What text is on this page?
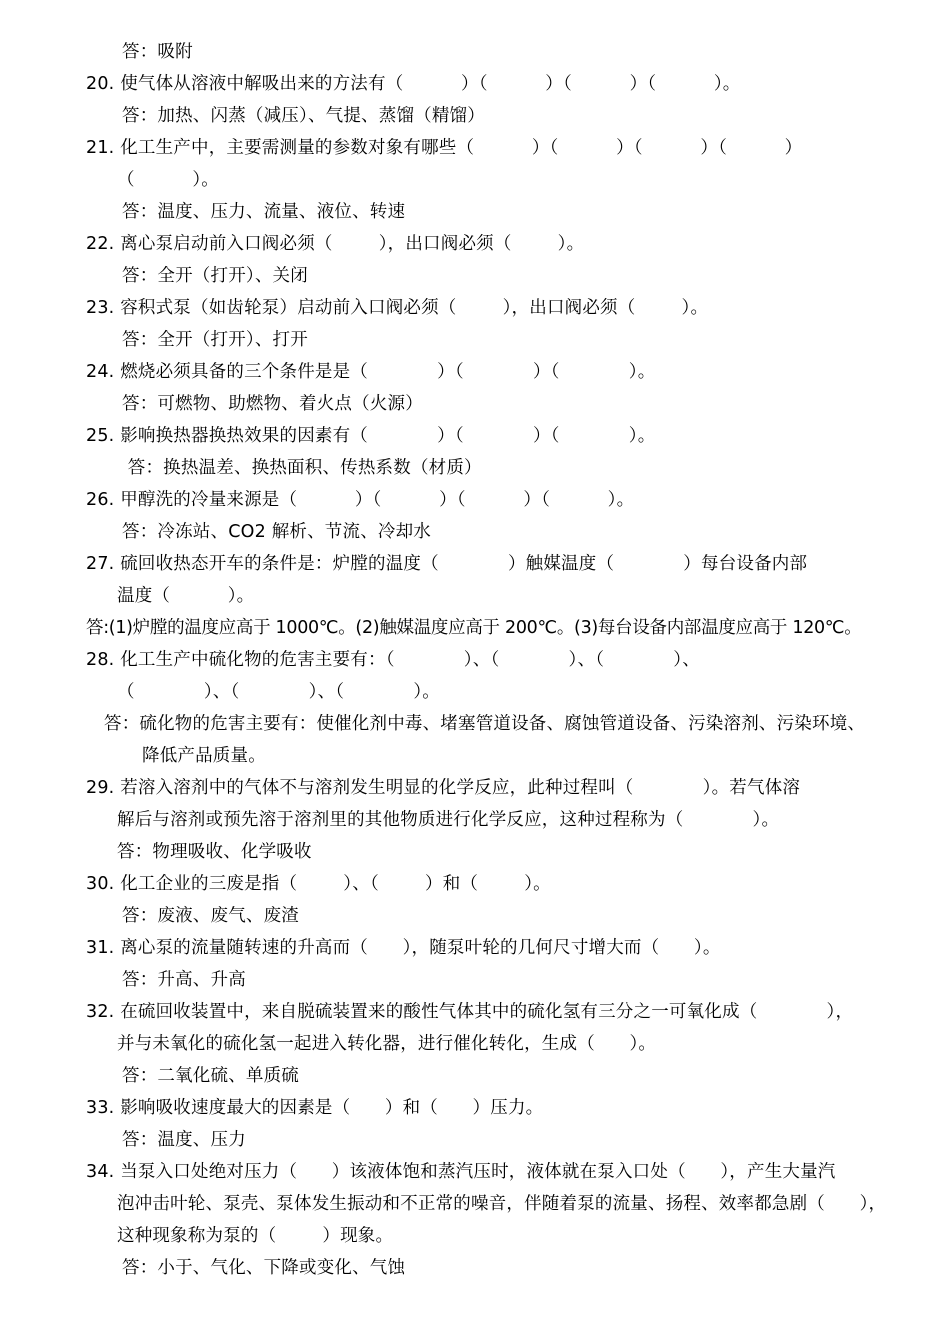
答：吸附
20. 使气体从溶液中解吸出来的方法有（          ）（          ）（          ）（          ）。
答：加热、闪蒸（减压）、气提、蒸馏（精馏）
21. 化工生产中，主要需测量的参数对象有哪些（          ）（          ）（          ）（          ）
（          ）。
答：温度、压力、流量、液位、转速
22. 离心泵启动前入口阀必须（        ），出口阀必须（        ）。
答：全开（打开）、关闭
23. 容积式泵（如齿轮泵）启动前入口阀必须（        ），出口阀必须（        ）。
答：全开（打开）、打开
24. 燃烧必须具备的三个条件是是（            ）（            ）（            ）。
答：可燃物、助燃物、着火点（火源）
25. 影响换热器换热效果的因素有（            ）（            ）（            ）。
答：换热温差、换热面积、传热系数（材质）
26. 甲醇洗的冷量来源是（          ）（          ）（          ）（          ）。
答：冷冻站、CO2 解析、节流、冷却水
27. 硫回收热态开车的条件是：炉膛的温度（            ）触媒温度（            ）每台设备内部
温度（          ）。
答:(1)炉膛的温度应高于 1000℃。(2)触媒温度应高于 200℃。(3)每台设备内部温度应高于 120℃。
28. 化工生产中硫化物的危害主要有：（            ）、（            ）、（            ）、
（            ）、（            ）、（            ）。
答：硫化物的危害主要有：使催化剂中毒、堵塞管道设备、腐蚀管道设备、污染溶剂、污染环境、
降低产品质量。
29. 若溶入溶剂中的气体不与溶剂发生明显的化学反应，此种过程叫（            ）。若气体溶
解后与溶剂或预先溶于溶剂里的其他物质进行化学反应，这种过程称为（            ）。
答：物理吸收、化学吸收
30. 化工企业的三废是指（        ）、（        ）和（        ）。
答：废液、废气、废渣
31. 离心泵的流量随转速的升高而（      ），随泵叶轮的几何尺寸增大而（      ）。
答：升高、升高
32. 在硫回收装置中，来自脱硫装置来的酸性气体其中的硫化氢有三分之一可氧化成（            ），
并与未氧化的硫化氢一起进入转化器，进行催化转化，生成（      ）。
答：二氧化硫、单质硫
33. 影响吸收速度最大的因素是（      ）和（      ）压力。
答：温度、压力
34. 当泵入口处绝对压力（      ）该液体饱和蒸汽压时，液体就在泵入口处（      ），产生大量汽
泡冲击叶轮、泵壳、泵体发生振动和不正常的噪音，伴随着泵的流量、扬程、效率都急剧（      ），
这种现象称为泵的（        ）现象。
答：小于、气化、下降或变化、气蚀
